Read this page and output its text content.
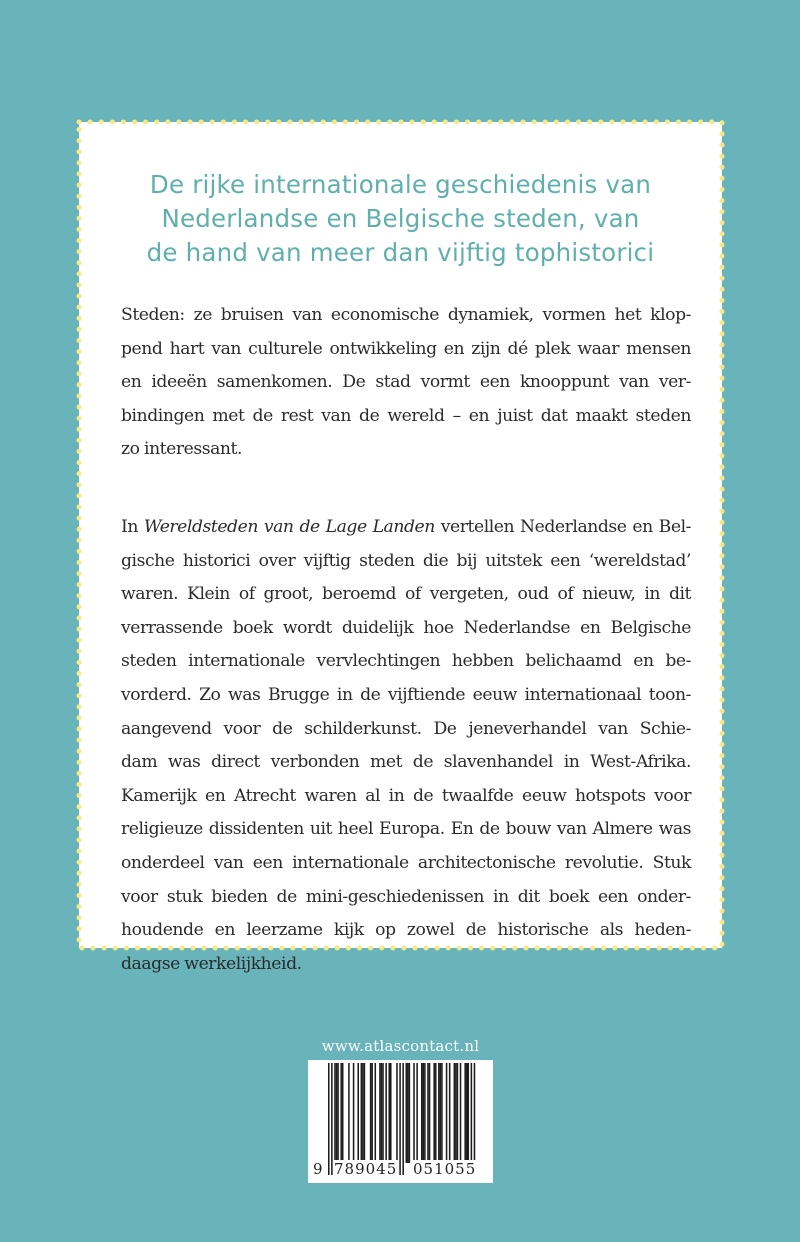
De rijke internationale geschiedenis van
Nederlandse en Belgische steden, van
de hand van meer dan vijftig tophistorici
Steden: ze bruisen van economische dynamiek, vormen het klop-
pend hart van culturele ontwikkeling en zijn dé plek waar mensen
en ideeën samenkomen. De stad vormt een knooppunt van ver-
bindingen met de rest van de wereld – en juist dat maakt steden
zo interessant.
In Wereldsteden van de Lage Landen vertellen Nederlandse en Bel-
gische historici over vijftig steden die bij uitstek een ‘wereldstad’
waren. Klein of groot, beroemd of vergeten, oud of nieuw, in dit
verrassende boek wordt duidelijk hoe Nederlandse en Belgische
steden internationale vervlechtingen hebben belichaamd en be-
vorderd. Zo was Brugge in de vijftiende eeuw internationaal toon-
aangevend voor de schilderkunst. De jeneverhandel van Schie-
dam was direct verbonden met de slavenhandel in West-Afrika.
Kamerijk en Atrecht waren al in de twaalfde eeuw hotspots voor
religieuze dissidenten uit heel Europa. En de bouw van Almere was
onderdeel van een internationale architectonische revolutie. Stuk
voor stuk bieden de mini-geschiedenissen in dit boek een onder-
houdende en leerzame kijk op zowel de historische als heden-
daagse werkelijkheid.
www.atlascontact.nl
9 789045 051055
